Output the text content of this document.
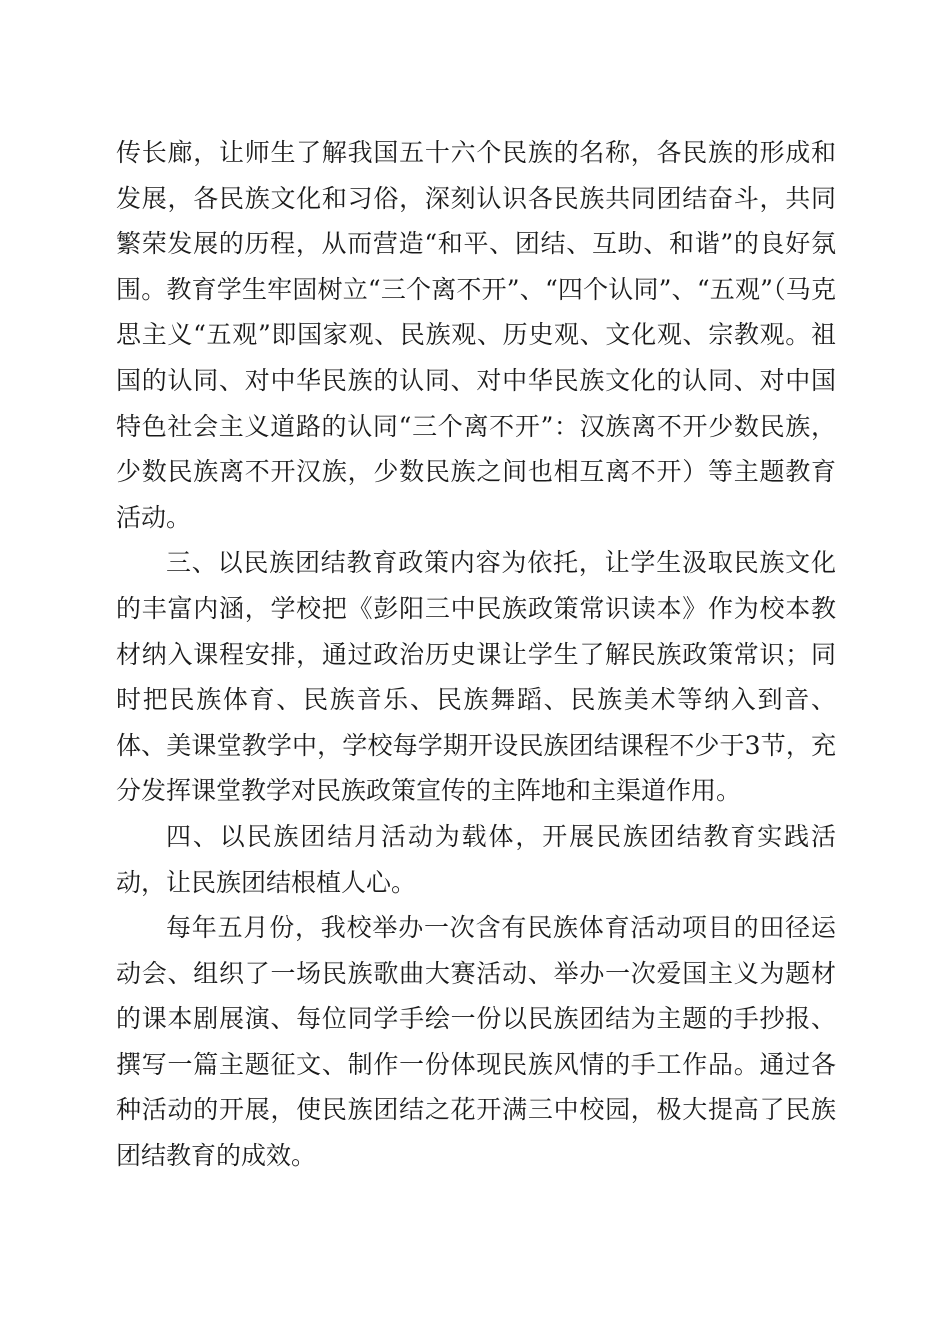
传长廊，让师生了解我国五十六个民族的名称，各民族的形成和发展，各民族文化和习俗，深刻认识各民族共同团结奋斗，共同繁荣发展的历程，从而营造“和平、团结、互助、和谐”的良好氛围。教育学生牢固树立“三个离不开”、“四个认同”、“五观”（马克思主义“五观”即国家观、民族观、历史观、文化观、宗教观。祖国的认同、对中华民族的认同、对中华民族文化的认同、对中国特色社会主义道路的认同“三个离不开”：汉族离不开少数民族，少数民族离不开汉族，少数民族之间也相互离不开）等主题教育活动。

三、以民族团结教育政策内容为依托，让学生汲取民族文化的丰富内涵，学校把《彭阳三中民族政策常识读本》作为校本教材纳入课程安排，通过政治历史课让学生了解民族政策常识；同时把民族体育、民族音乐、民族舞蹈、民族美术等纳入到音、体、美课堂教学中，学校每学期开设民族团结课程不少于3节，充分发挥课堂教学对民族政策宣传的主阵地和主渠道作用。

四、以民族团结月活动为载体，开展民族团结教育实践活动，让民族团结根植人心。

每年五月份，我校举办一次含有民族体育活动项目的田径运动会、组织了一场民族歌曲大赛活动、举办一次爱国主义为题材的课本剧展演、每位同学手绘一份以民族团结为主题的手抄报、撰写一篇主题征文、制作一份体现民族风情的手工作品。通过各种活动的开展，使民族团结之花开满三中校园，极大提高了民族团结教育的成效。
